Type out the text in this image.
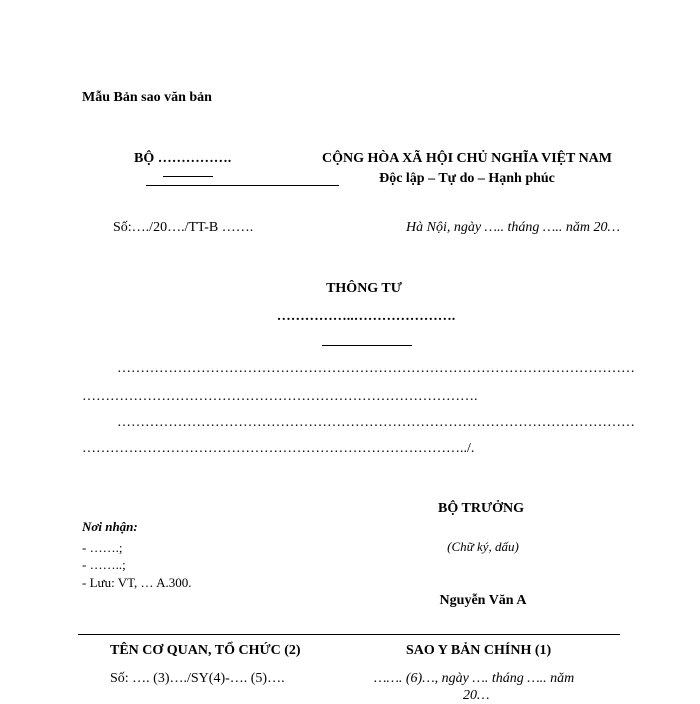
Mẫu Bản sao văn bản
BỘ …………….	CỘNG HÒA XÃ HỘI CHỦ NGHĨA VIỆT NAM
Độc lập – Tự do – Hạnh phúc
Số:…./20…./TT-B …….	Hà Nội, ngày ….. tháng ….. năm 20…
THÔNG TƯ
……………..………………….
…………………………………………………………………………………………………
………………………………………………………………………….
…………………………………………………………………………………………………
………………………………………………………………………../.
BỘ TRƯỞNG
(Chữ ký, dấu)
Nguyễn Văn A
Nơi nhận:
- …….;
- ……..;
- Lưu: VT, … A.300.
TÊN CƠ QUAN, TỔ CHỨC (2)	SAO Y BẢN CHÍNH (1)
Số: …. (3)…./SY(4)-…. (5)….	……. (6)…, ngày …. tháng ….. năm
20…
